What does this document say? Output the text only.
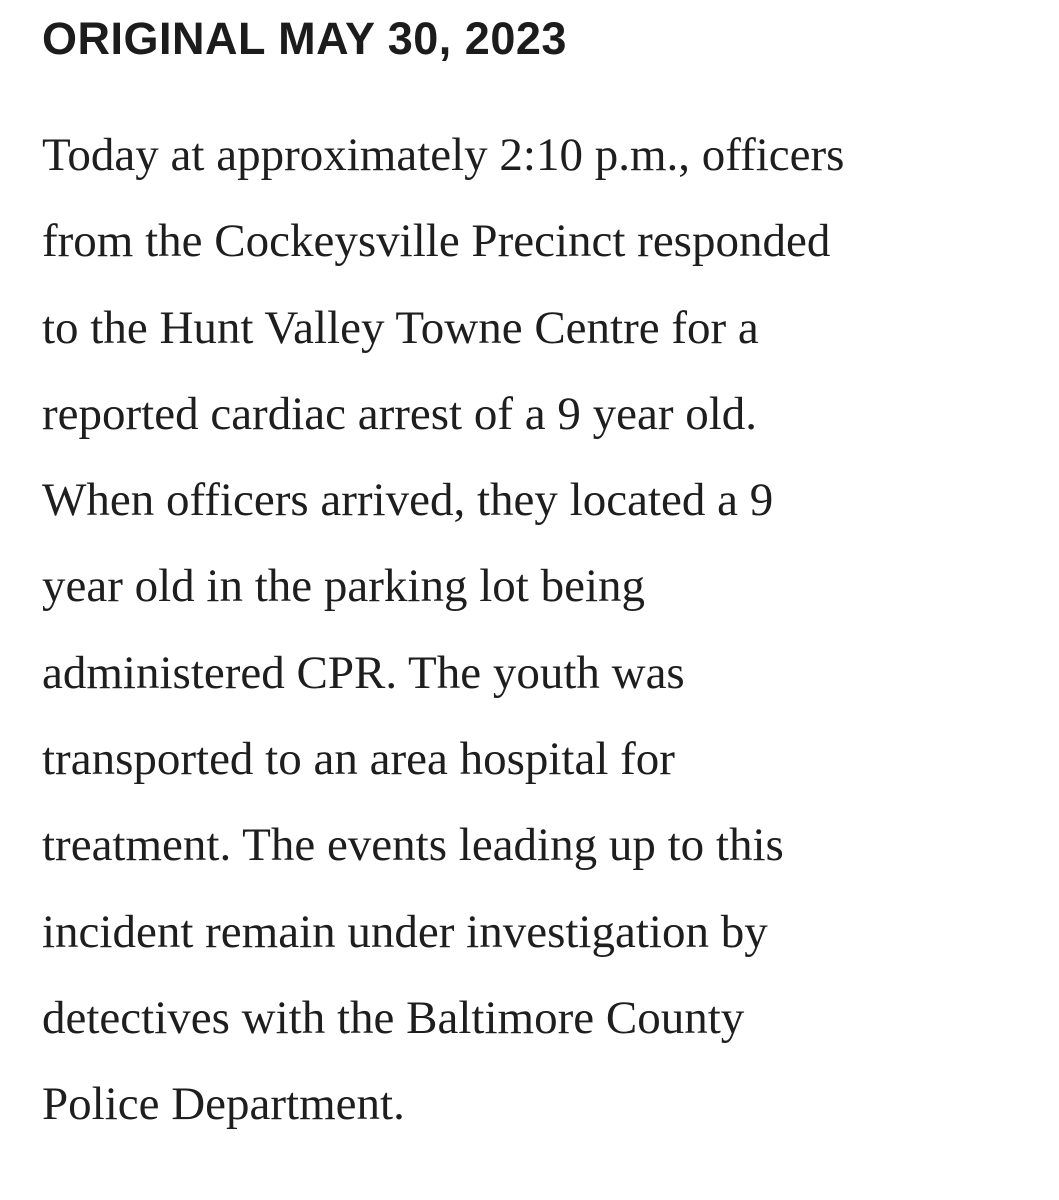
ORIGINAL MAY 30, 2023

Today at approximately 2:10 p.m., officers
from the Cockeysville Precinct responded
to the Hunt Valley Towne Centre for a
reported cardiac arrest of a 9 year old.
When officers arrived, they located a 9
year old in the parking lot being
administered CPR. The youth was
transported to an area hospital for
treatment. The events leading up to this
incident remain under investigation by
detectives with the Baltimore County
Police Department.
